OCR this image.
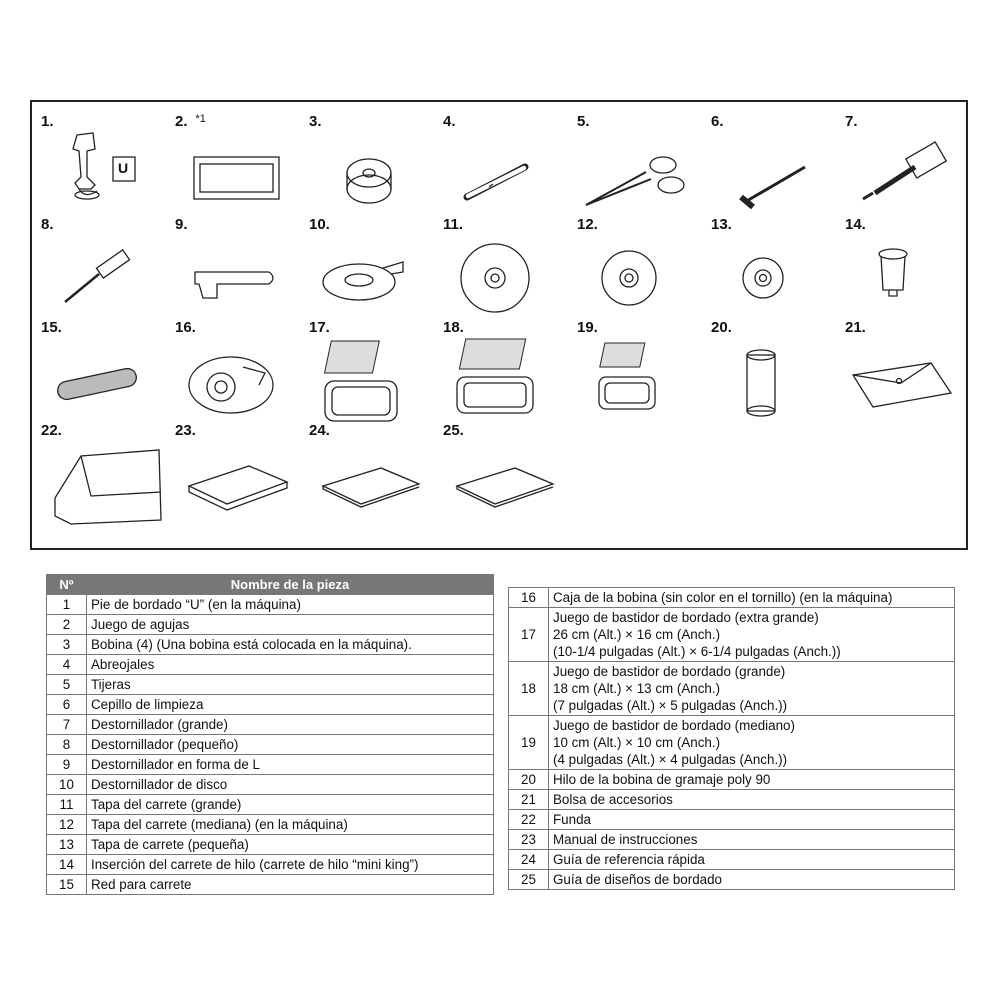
1.
U
2. $^{*1}$	3.	4.	5.	6.	7.
8.	9.	10.	11.	12.	13.	14.
15.	16.	17.	18.	19.	20.	21.
22.	23.	24.	25.
Nº	Nombre de la pieza
1	Pie de bordado “U” (en la máquina)
2	Juego de agujas
3	Bobina (4) (Una bobina está colocada en la máquina).
4	Abreojales
5	Tijeras
6	Cepillo de limpieza
7	Destornillador (grande)
8	Destornillador (pequeño)
9	Destornillador en forma de L
10	Destornillador de disco
11	Tapa del carrete (grande)
12	Tapa del carrete (mediana) (en la máquina)
13	Tapa de carrete (pequeña)
14	Inserción del carrete de hilo (carrete de hilo “mini king”)
15	Red para carrete
16	Caja de la bobina (sin color en el tornillo) (en la máquina)
17	Juego de bastidor de bordado (extra grande)
26 cm (Alt.) × 16 cm (Anch.)
(10-1/4 pulgadas (Alt.) × 6-1/4 pulgadas (Anch.))
18	Juego de bastidor de bordado (grande)
18 cm (Alt.) × 13 cm (Anch.)
(7 pulgadas (Alt.) × 5 pulgadas (Anch.))
19	Juego de bastidor de bordado (mediano)
10 cm (Alt.) × 10 cm (Anch.)
(4 pulgadas (Alt.) × 4 pulgadas (Anch.))
20	Hilo de la bobina de gramaje poly 90
21	Bolsa de accesorios
22	Funda
23	Manual de instrucciones
24	Guía de referencia rápida
25	Guía de diseños de bordado
